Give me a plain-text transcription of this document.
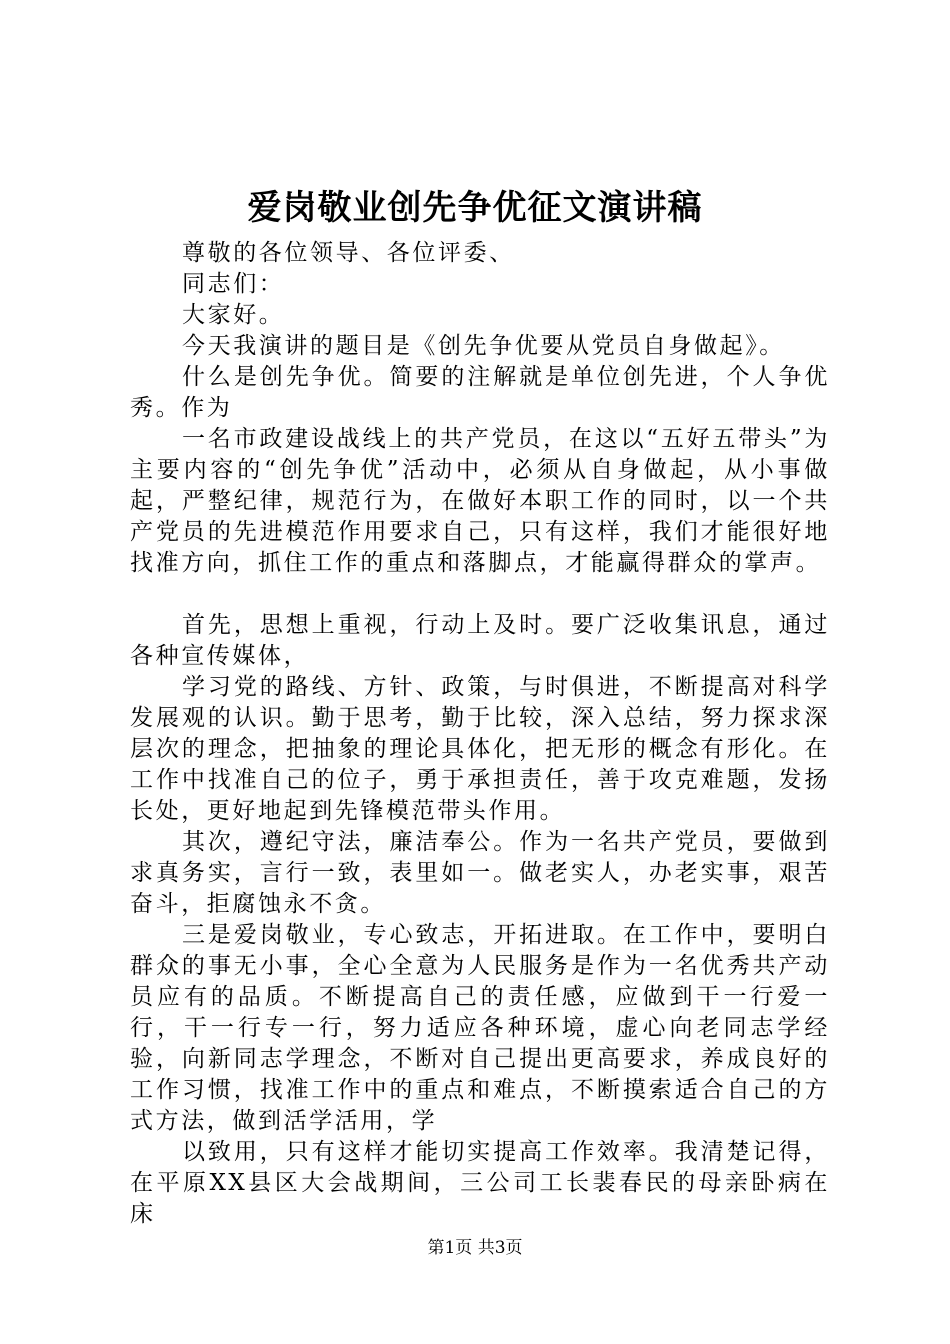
爱岗敬业创先争优征文演讲稿

尊敬的各位领导、各位评委、

同志们：

大家好。

今天我演讲的题目是《创先争优要从党员自身做起》。

什么是创先争优。简要的注解就是单位创先进，个人争优秀。作为

一名市政建设战线上的共产党员，在这以“五好五带头”为主要内容的“创先争优”活动中，必须从自身做起，从小事做起，严整纪律，规范行为，在做好本职工作的同时，以一个共产党员的先进模范作用要求自己，只有这样，我们才能很好地找准方向，抓住工作的重点和落脚点，才能赢得群众的掌声。

首先，思想上重视，行动上及时。要广泛收集讯息，通过各种宣传媒体，

学习党的路线、方针、政策，与时俱进，不断提高对科学发展观的认识。勤于思考，勤于比较，深入总结，努力探求深层次的理念，把抽象的理论具体化，把无形的概念有形化。在工作中找准自己的位子，勇于承担责任，善于攻克难题，发扬长处，更好地起到先锋模范带头作用。

其次，遵纪守法，廉洁奉公。作为一名共产党员，要做到求真务实，言行一致，表里如一。做老实人，办老实事，艰苦奋斗，拒腐蚀永不贪。

三是爱岗敬业，专心致志，开拓进取。在工作中，要明白群众的事无小事，全心全意为人民服务是作为一名优秀共产动员应有的品质。不断提高自己的责任感，应做到干一行爱一行，干一行专一行，努力适应各种环境，虚心向老同志学经验，向新同志学理念，不断对自己提出更高要求，养成良好的工作习惯，找准工作中的重点和难点，不断摸索适合自己的方式方法，做到活学活用，学

以致用，只有这样才能切实提高工作效率。我清楚记得，在平原XX县区大会战期间，三公司工长裴春民的母亲卧病在床

第1页 共3页
